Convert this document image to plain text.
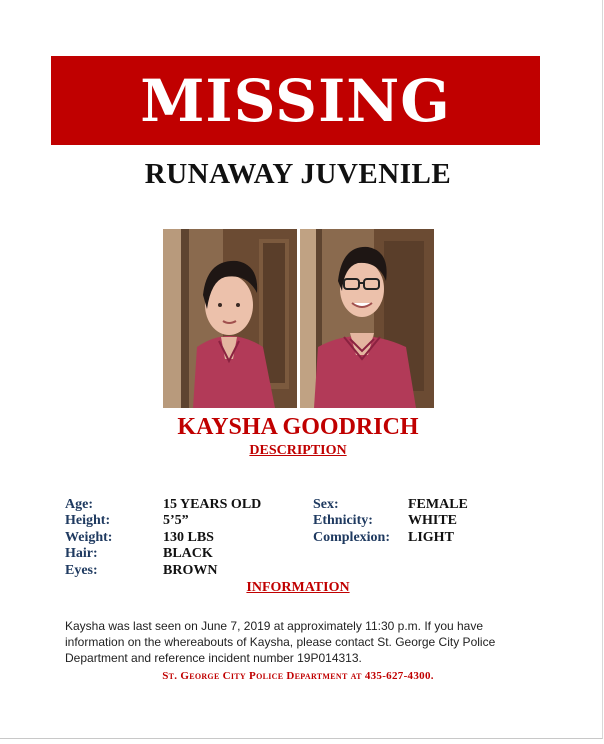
MISSING
RUNAWAY JUVENILE
KAYSHA GOODRICH
DESCRIPTION
Age:	15 YEARS OLD
Height:	5’5”
Weight:	130 LBS
Hair:	BLACK
Eyes:	BROWN
Sex:	FEMALE
Ethnicity:	WHITE
Complexion: LIGHT
INFORMATION
Kaysha was last seen on June 7, 2019 at approximately 11:30 p.m. If you have information on the whereabouts of Kaysha, please contact St. George City Police Department and reference incident number 19P014313.
St. George City Police Department at 435-627-4300.
